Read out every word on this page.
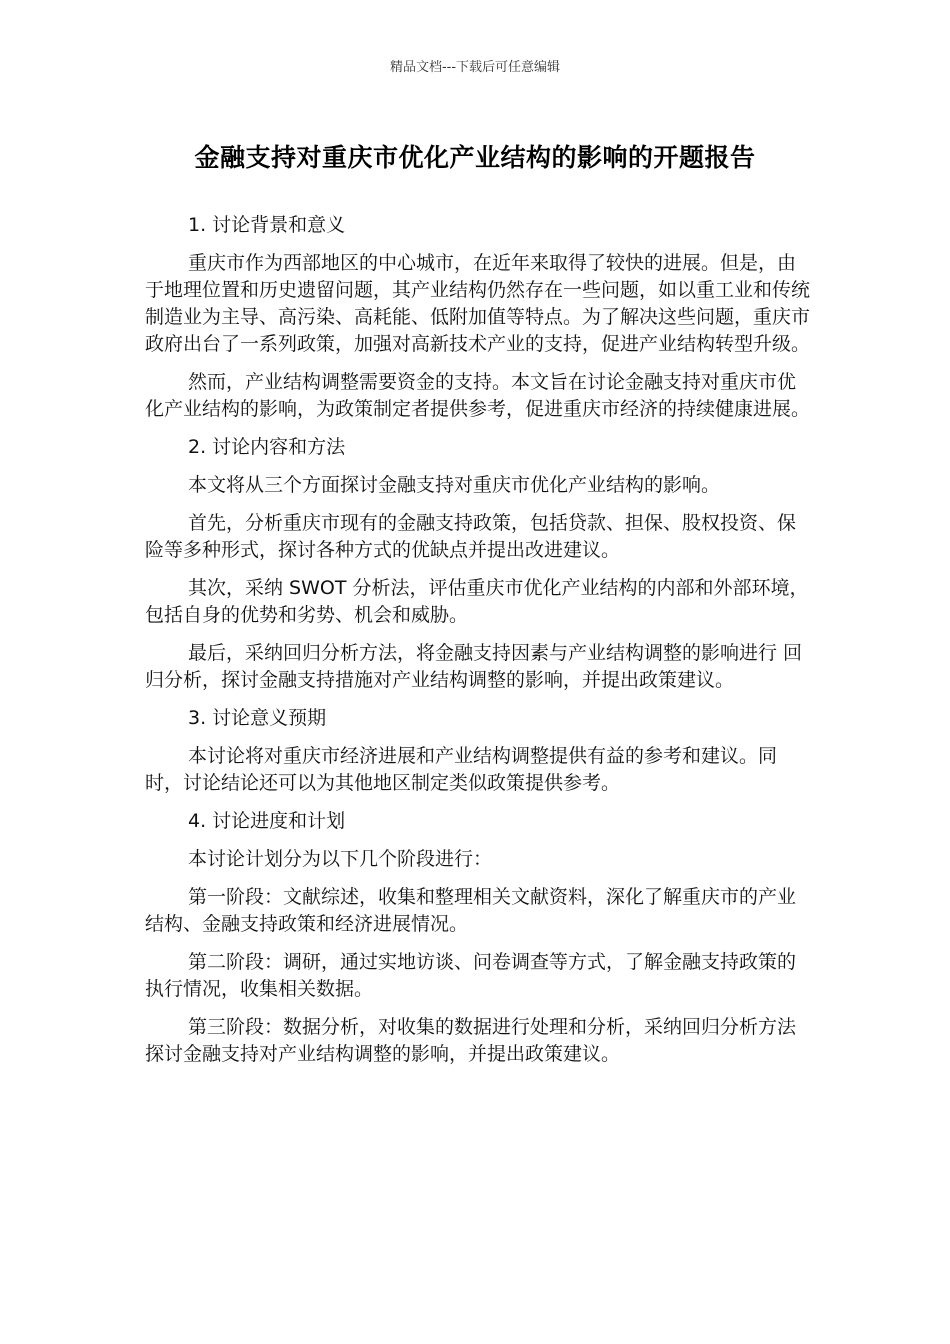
精品文档---下载后可任意编辑
金融支持对重庆市优化产业结构的影响的开题报告

1. 讨论背景和意义

重庆市作为西部地区的中心城市，在近年来取得了较快的进展。但是，由于地理位置和历史遗留问题，其产业结构仍然存在一些问题，如以重工业和传统制造业为主导、高污染、高耗能、低附加值等特点。为了解决这些问题，重庆市政府出台了一系列政策，加强对高新技术产业的支持，促进产业结构转型升级。

然而，产业结构调整需要资金的支持。本文旨在讨论金融支持对重庆市优化产业结构的影响，为政策制定者提供参考，促进重庆市经济的持续健康进展。

2. 讨论内容和方法

本文将从三个方面探讨金融支持对重庆市优化产业结构的影响。

首先，分析重庆市现有的金融支持政策，包括贷款、担保、股权投资、保险等多种形式，探讨各种方式的优缺点并提出改进建议。

其次，采纳 SWOT 分析法，评估重庆市优化产业结构的内部和外部环境，包括自身的优势和劣势、机会和威胁。

最后，采纳回归分析方法，将金融支持因素与产业结构调整的影响进行 回归分析，探讨金融支持措施对产业结构调整的影响，并提出政策建议。

3. 讨论意义预期

本讨论将对重庆市经济进展和产业结构调整提供有益的参考和建议。同时，讨论结论还可以为其他地区制定类似政策提供参考。

4. 讨论进度和计划

本讨论计划分为以下几个阶段进行：

第一阶段：文献综述，收集和整理相关文献资料，深化了解重庆市的产业结构、金融支持政策和经济进展情况。

第二阶段：调研，通过实地访谈、问卷调查等方式，了解金融支持政策的执行情况，收集相关数据。

第三阶段：数据分析，对收集的数据进行处理和分析，采纳回归分析方法探讨金融支持对产业结构调整的影响，并提出政策建议。
